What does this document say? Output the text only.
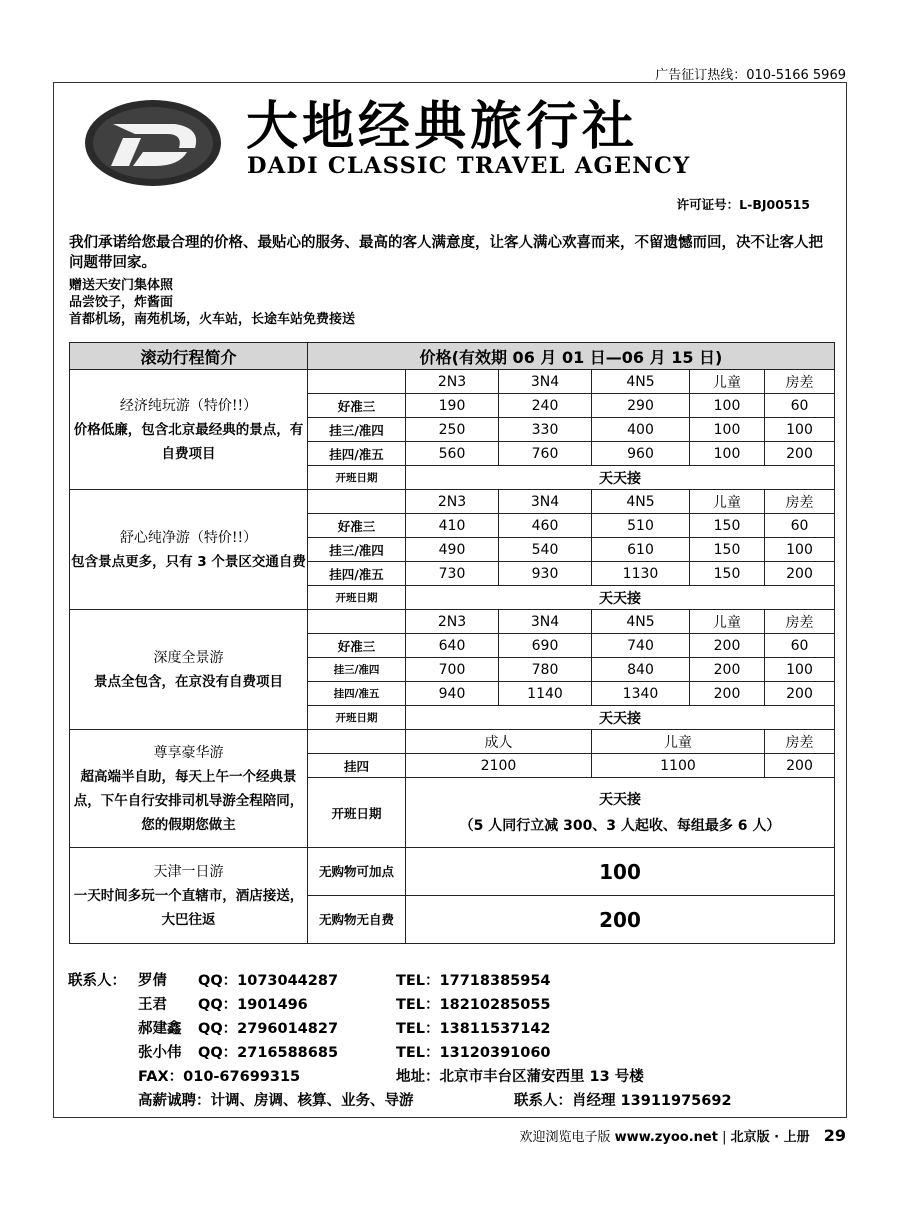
广告征订热线：010-5166 5969
大地经典旅行社
DADI CLASSIC TRAVEL AGENCY
许可证号：L-BJ00515
我们承诺给您最合理的价格、最贴心的服务、最高的客人满意度，让客人满心欢喜而来，不留遗憾而回，决不让客人把问题带回家。
赠送天安门集体照
品尝饺子，炸酱面
首都机场，南苑机场，火车站，长途车站免费接送
滚动行程简介	价格(有效期 06 月 01 日—06 月 15 日)					

经济纯玩游（特价!!）
价格低廉，包含北京最经典的景点，有自费项目		2N3	3N4	4N5	儿童	房差
	好准三	190	240	290	100	60
	挂三/准四	250	330	400	100	100
	挂四/准五	560	760	960	100	200
	开班日期	天天接				

舒心纯净游（特价!!）
包含景点更多，只有 3 个景区交通自费		2N3	3N4	4N5	儿童	房差
	好准三	410	460	510	150	60
	挂三/准四	490	540	610	150	100
	挂四/准五	730	930	1130	150	200
	开班日期	天天接				

深度全景游
景点全包含，在京没有自费项目		2N3	3N4	4N5	儿童	房差
	好准三	640	690	740	200	60
	挂三/准四	700	780	840	200	100
	挂四/准五	940	1140	1340	200	200
	开班日期	天天接				

尊享豪华游
超高端半自助，每天上午一个经典景点，下午自行安排司机导游全程陪同，您的假期您做主		成人		儿童		房差
	挂四	2100		1100		200
	开班日期	天天接
（5 人同行立减 300、3 人起收、每组最多 6 人）				

天津一日游
一天时间多玩一个直辖市，酒店接送，大巴往返	无购物可加点	100				
	无购物无自费	200				
联系人： 罗倩 QQ：1073044287	TEL：17718385954
王君 QQ：1901496	TEL：18210285055
郝建鑫 QQ：2796014827	TEL：13811537142
张小伟 QQ：2716588685	TEL：13120391060
FAX：010-67699315	地址：北京市丰台区蒲安西里 13 号楼
高薪诚聘：计调、房调、核算、业务、导游	联系人：肖经理 13911975692
欢迎浏览电子版 www.zyoo.net | 北京版 · 上册 29
